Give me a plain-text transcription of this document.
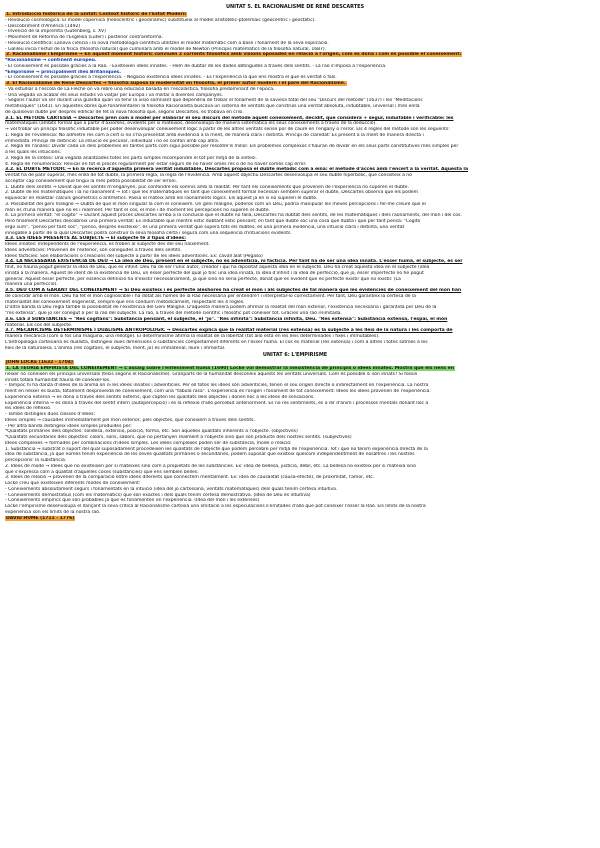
UNITAT 5. EL RACIONALISME DE RENÉ DESCARTES
1. Introducció històrica de la unitat: Context històric de l'Estat Modern
- Revolució cosmològica: El model copernicà (heliocèntric i geodinàmic) substitueix al model aristotèlic-ptolemaic (geocèntric i geostàtic).
- Descobriment d'Amèrica (1492)
- Invenció de la impremta (Gutenberg, s. XV)
- Moviment de Reforma de l'Església (Luter) i posterior contrareforma.
- Revolució científica: Lanova ciència i la nova metodologia científica utilitzen el model matemàtic com a base i fonament de la seva explicació.
- Galileu inicia l'esfull de la física (filosofia natural) que culminarà amb el model de Newton (Principis matemàtics de la filosofia natural, 1687).
2. Racionalisme i Empirisme → En aquest moment històric conviuen 2 corrents filosòfics amb visions oposades en relació a l'origen, com es dona i com es possible el coneixement:
*Racionalisme → continent europeu.
- El coneixement és possible gràcies a la Raó. - Existeixen idees innates. - Hem de dubtar de les dades obtingudes a través dels sentits. - La raó s'imposa a l'experiència.
*Empirisme → principalment illes Britàniques.
- El coneixement és possible gràcies a l'experiència. - Negació existència idees innates. - És l'experiència la que ens mostra el que és veritat o fals.
3. El Racionalisme de René Descartes → filosofia suposa la modernitat en filosofia, el primer autor modern i el pare del Racionalisme.
- Va estudiar a l'escola de La Fleche on va rebre una educació basada en l'escolàstica, filosofia predominant de l'època.
- Una vegada va acabar els seus estudis va viatjar per Europa i va militar a diverses campanyes.
- Segons l'autor va ser durant una guàrdia quan va tenir la visió somniant que dependria de trobar el fonament de la saviesa total del seu "Discurs del mètode" (1637) i les "Meditacions
metafísiques" (1641). En aquestes obres que fonamentaren la filosofia Racionalista buscava un sistema de veritats que construís una veritat absoluta, indubtable, universal i més enllà
de qualsevol dubte per després edificar de fet la nova filosofia que, segons Descartes, es trobava en crisi.
3.1. EL MÈTODE CARTESIÀ → Descartes pren com a model per elaborar el seu discurs del mètode aquell coneixement, decidit, que considera + segur, induïtable i verificable: les
matemàtiques (àmbits formal que a partir d'axiomes, evidents per si mateixos, desenvolupa de manera sistemàtica els seus coneixements a través de la deducció).
→ vol trobar un principi filosòfic induïtable per poder desenvolupar coneixement lògic a partir de les altres veritats sense por de caure en l'engany o l'error. Els 4 regles del mètode són les següents:
1. Regla de l'evidència: No admetre res com a cert si no s'ha presentat amb evidència a la ment, de manera clara i distinta. Principi de claredat: És present a la ment de manera directa i
immediata. Principi de distinció: La intuïció és peculiar, individual i no es confon amb cap altra.
2. Regla de l'anàlisi: Dividir cada un dels problemes en tantes parts com sigui possible per resoldre'ls millor. Els problemes complexos s'hauran de dividir en els seus parts constitutives més simples per
a les quals les intuïcions.
3. Regla de la síntesi: Una vegada analitzades totes les parts simples recompondre el tot per mitjà de la síntesi.
4. Regla de l'enumeració: Revisar en tot el procés regularment per estar segurs de no haver omès res o de no haver comès cap error.
3.2. EL DUBTE METÒDIC → En la recerca d'aquesta primera veritat indubtable, Descartes proposa el dubte metòdic com a eina: el mètode d'accés amb l'encert a la veritat. Aquesta la
veritat ha de patir superar, més enllà de tot dubte, la primera regla, la regla de l'evidència. Amb aquest objectiu Descartes desenvolupa el seu dubte hiperbòlic, que consisteix a no
acceptar cap coneixement que tingui la més petita possibilitat de ser erroni.
1. Dubte dels sentits → Donat que els sentits m'enganyen, puc confondre els somnis amb la realitat. Per tant els coneixements que provenen de l'experiència no superen el dubte.
2. Dubte de les matemàtiques i la no raonament → Tot i que les matemàtiques en tant que coneixement formal necessari semblen superar el dubte, Descartes observa que els podem
equivocar en realitzar càlculs geomètrics o aritmètics. Passa el mateix amb els raonaments lògics. Els aquest ja en si no superen el dubte.
3. Possibilitat del geni maligne → Dubta de que el món singular la com el coneixem. Un geni maligne, poderós com un Déu, podria manipular les meves percepcions i fer-me creure que el
món és d'una manera que no és i realment. Per tant el cos, el món i de moment les percepcions no superen el dubte.
4. La primera veritat: "el cogito" → Durant aquest procés Descartes arriba a la conclusió que el dubte no falla, Descartes ha dubtat dels sentits, de les matemàtiques i dels raonaments, del món i del cos.
Però finalment Descartes descobreix una primera veritat: És induïtable que mentre estic dubtant estic pensant; en tant que dubte sóc una cosa que dubta i que per tant pensa: "Cogito
ergo sum", "penso per tant sóc", "penso, després existeixo", és una primera veritat que supera tots els dubtes, és una primera evidència, una intuïció clara i distinta, una veritat
innegable a partir de la qual Descartes podrà construir la seva filosofia certa i segura com una seqüència d'intuïcions evidents.
3.3. LES IDEES PRESENTS AL SUBJECTE → El subjecte té 3 tipus d'idees:
Idees innates: Independents de l'experiència, es troben al subjecte des del seu naixement.
Idees adventícies: Provenen de l'exterior, són conegudes a través dels sentits.
Idees factícies: Són elaboracions o creacions del subjecte a partir de les idees adventícies. Ex: cavall alat (Pegaso)
3.4. LA NECESSÀRIA EXISTÈNCIA DE DÉU → La idea de Déu, present en el subjecte, no és adventícia, ni factícia. Per tant ha de ser una idea innata. L'ésser humà, el subjecte, és ser
finit, no hauria pogut generar la idea de Déu, que és infinit. Déu ha de ser l'únic autor, creador i qui ha dipositat aquesta idea en el subjecte. Déu ha creat aquesta idea en el subjecte (idea
innata a la manera. Aquest lle ident de la existència de Déu, un ésser perfecte del qual jo tinc una idea innata, la idea d'infinit i la idea de perfecció, que jo, ésser imperfecte no he pogut
generar. Aquest ésser perfecte, per essència definició ha d'existir necessàriament, ja que sinó no seria perfecte, donat que és evident que és perfecte existir que no existir. (La
manera una perfecció).
3.5. DÉU COM A GARANT DEL CONEIXEMENT → Si Déu existeix i és perfecte aleshores ha creat el món i als subjectes de tal manera que les evidències de coneixement del món han
de coincidir amb el món. Déu ha fet el món cognoscible i ha dotat als homes de la Raó necessària per entendre'l i interpretar-lo correctament. Per tant, Déu garanteix la certesa de la
materialitat del coneixement engenerat, sempre que ens conduïm metòdicament, respectant les 4 regles.
D'altra banda la Déu regla també la possibilitat de l'existència del Geni Maligne. D'aquesta manera podem afirmar la realitat del món exterior, l'existència necessària i garantida per Déu de la
"res extensa", que jo ser conegut a per la raó del subjecte. La raó, a través del mètode científic i filosòfic pot conèixer tot. Gràcies una raó il·limitada.
3.6. LES 3 SUBSTÀNCIES → "Res cogitans": Substància pensant, el subjecte, el "jo". "Res infinita": Substància infinita, Déu. "Res extensa": Substància extensa, l'espai, el món
material. Els cos del subjecte.
3.7. MECANICISME DETERMINISME I DUALISME ANTROPOLÒGIC → Descartes explica que la realitat material (res extensa) es la subjecte a les lleis de la natura i les comporta de
manera mecànica (com si fos una màquina, una rellotge). El determinisme afirma la realitat de la llibertat (tot allò està en les lleis determinades i fixes i immutables).
L'antropologia cartesiana és dualista, distingeix dues dimensions o substàncies completament diferents en l'ésser humà. El cos és material (res extensa) i com a altres i totes sotmès a les
lleis de la naturalesa. L'ànima (res cogitans, el subjecte, ment, jo) és immaterial, lliure i immortal.
UNITAT 6: L'EMPIRISME
JOHN LOCKE (1632 - 1704)
1. LA TEORIA EMPIRISTA DEL CONEIXEMENT → L'assaig sobre l'enteniment humà (1690) Locke vol demostrar la inexistència de principis o idees innates. Mostra que els nens en
néixer no coneixen els principis universals (tesis segons el Racionalisme). Granparts de la humanitat desconeix aquests les veritats universals. Com és possible si són innats? Si fossin
innats totala humanitat hauria de conèixer-los.
- Tampoc hi ha danza d'idees de la ànima on ni les idees innates i adventícies. Per ell totes les idees són adventícies, tenen el seu origen directe o indirectament en l'experiència. La nostra
ment en néixer és buida, totalment desproveïda de coneixement, com una "tàbula rasa". L'experiència és l'origen i fonament de tot coneixement: Idees les idees provenen de l'experiència.
Experiència externa → es dona a través dels sentits externs, que capten les qualitats dels objectes i donen lloc a les idees de sensacions.
Experiència interna → es dona a través del sentit intern (autopercepció) i és la reflexió d'allò percebut anteriorment. És no res sentiments, és a dir d'ànim i processos mentals donant lloc a
les idees de reflexió.
- També distingeix dues classes d'idees:
Idees simples → causades immediatament pel món exterior, pels objectes, que coneixem a través dels sentits.
- Per altra banda distingeix idees simples produïdes per:
*Qualitats primàries dels objectes: solidesa, extensió, posició, forma, etc. Són aquelles qualitats inherents a l'objecte. (objectives)
*Qualitats secundàries dels objectes: colors, sons, sabors, que no pertanyen realment a l'objecte sinó que són producte dels nostres sentits. (subjectives)
Idees complexes → formades per combinacions d'idees simples. Les idees complexes poden ser de substància, mode o relació:
1. Substància → substrat o suport del qual suposadament procedeixen les qualitats de l'objecte que podem percebre per mitjà de l'experiència. Tot i que no tenim experiència directa de la
idea de substància, ja que només tenim experiència de les seves qualitats primàries o secundàries, podem suposar que existeix quelcom independentment de nosaltres i les nostres
percepcions: la substància.
2. Idees de mode → Idees que no existeixen per si mateixes sinó com a propietats de les substàncies. Ex: idea de bellesa, justícia, dèbil, etc. La bellesa no existeix per si mateixa sinó
que s'expressa com a qualitat d'aquelles coses (substàncies) que ens semblen belles.
3. Idees de relació → provenen de la comparació entre idees diferents que connectem mentalment. Ex: idea de causalitat (causa-efecte), de proximitat, l'amor, etc.
Locke creu que existeixen diferents modes de coneixement:
- Coneixements absolutament segurs i fonamentats en la intuïció (idea del jo cartesiana, veritats matemàtiques) dels quals tenim certesa intuïtiva.
- Coneixements demostratius (com els matemàtics) que són exactes i dels quals tenim certesa demostrativa. (Idea de Déu és intuïtiva)
- Coneixements empírics que són probables ja que es fonamenten en l'experiència. (Idea del món i les extenses)
Locke l'empirisme desenvolupa el llançant la seva crítica al Racionalisme cartesià una limitació a les especulacions il·limitades d'allò que pot conèixer l'ésser la Raó. Els límits de la nostra
experiència són els límits de la nostra raó.
DAVID HUME (1711 - 1776)
